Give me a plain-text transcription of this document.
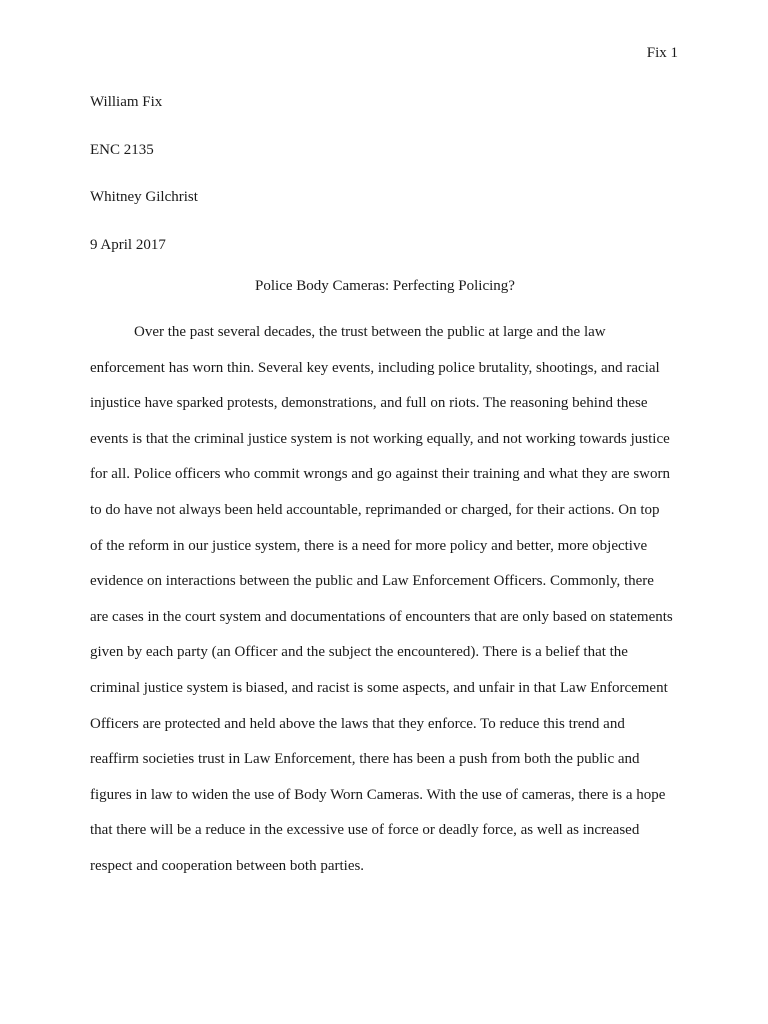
Fix 1
William Fix
ENC 2135
Whitney Gilchrist
9 April 2017
Police Body Cameras: Perfecting Policing?
Over the past several decades, the trust between the public at large and the law
enforcement has worn thin. Several key events, including police brutality, shootings, and racial
injustice have sparked protests, demonstrations, and full on riots. The reasoning behind these
events is that the criminal justice system is not working equally, and not working towards justice
for all. Police officers who commit wrongs and go against their training and what they are sworn
to do have not always been held accountable, reprimanded or charged, for their actions. On top
of the reform in our justice system, there is a need for more policy and better, more objective
evidence on interactions between the public and Law Enforcement Officers. Commonly, there
are cases in the court system and documentations of encounters that are only based on statements
given by each party (an Officer and the subject the encountered). There is a belief that the
criminal justice system is biased, and racist is some aspects, and unfair in that Law Enforcement
Officers are protected and held above the laws that they enforce. To reduce this trend and
reaffirm societies trust in Law Enforcement, there has been a push from both the public and
figures in law to widen the use of Body Worn Cameras. With the use of cameras, there is a hope
that there will be a reduce in the excessive use of force or deadly force, as well as increased
respect and cooperation between both parties.
